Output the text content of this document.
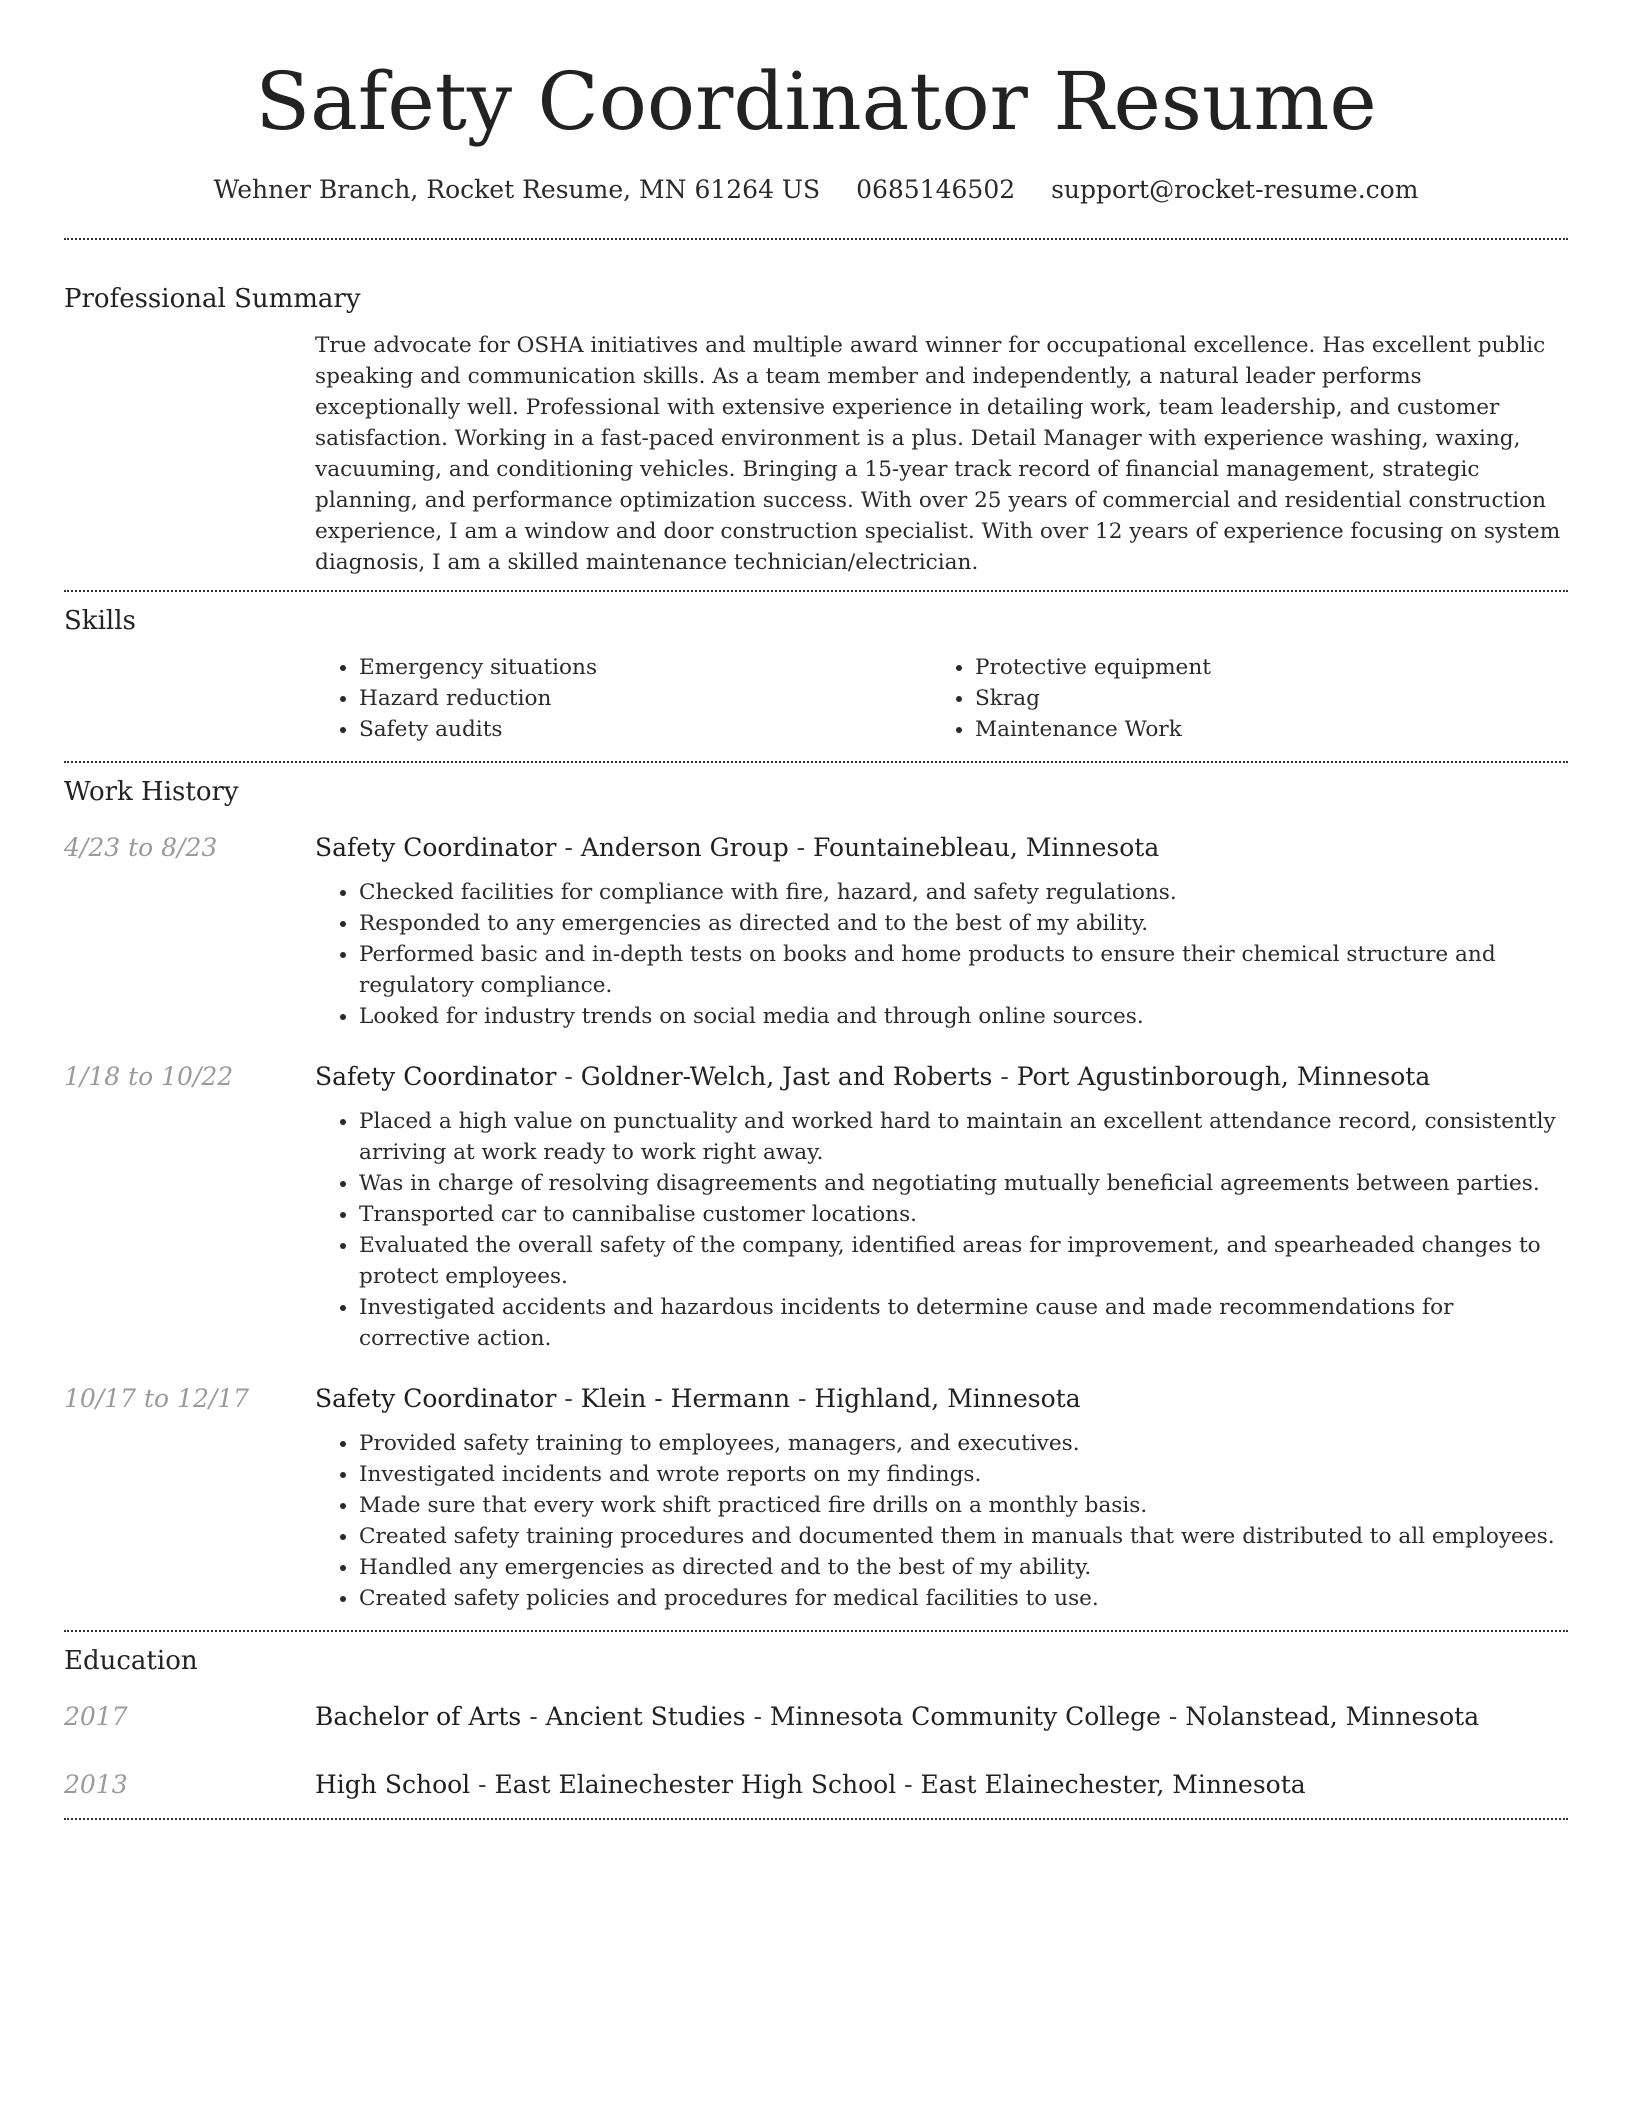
Safety Coordinator Resume
Wehner Branch, Rocket Resume, MN 61264 US 0685146502 support@rocket-resume.com
Professional Summary
True advocate for OSHA initiatives and multiple award winner for occupational excellence. Has excellent public speaking and communication skills. As a team member and independently, a natural leader performs exceptionally well. Professional with extensive experience in detailing work, team leadership, and customer satisfaction. Working in a fast-paced environment is a plus. Detail Manager with experience washing, waxing, vacuuming, and conditioning vehicles. Bringing a 15-year track record of financial management, strategic planning, and performance optimization success. With over 25 years of commercial and residential construction experience, I am a window and door construction specialist. With over 12 years of experience focusing on system diagnosis, I am a skilled maintenance technician/electrician.
Skills
• Emergency situations
• Hazard reduction
• Safety audits
• Protective equipment
• Skrag
• Maintenance Work
Work History
4/23 to 8/23	Safety Coordinator - Anderson Group - Fountainebleau, Minnesota
• Checked facilities for compliance with fire, hazard, and safety regulations.
• Responded to any emergencies as directed and to the best of my ability.
• Performed basic and in-depth tests on books and home products to ensure their chemical structure and regulatory compliance.
• Looked for industry trends on social media and through online sources.
1/18 to 10/22	Safety Coordinator - Goldner-Welch, Jast and Roberts - Port Agustinborough, Minnesota
• Placed a high value on punctuality and worked hard to maintain an excellent attendance record, consistently arriving at work ready to work right away.
• Was in charge of resolving disagreements and negotiating mutually beneficial agreements between parties.
• Transported car to cannibalise customer locations.
• Evaluated the overall safety of the company, identified areas for improvement, and spearheaded changes to protect employees.
• Investigated accidents and hazardous incidents to determine cause and made recommendations for corrective action.
10/17 to 12/17	Safety Coordinator - Klein - Hermann - Highland, Minnesota
• Provided safety training to employees, managers, and executives.
• Investigated incidents and wrote reports on my findings.
• Made sure that every work shift practiced fire drills on a monthly basis.
• Created safety training procedures and documented them in manuals that were distributed to all employees.
• Handled any emergencies as directed and to the best of my ability.
• Created safety policies and procedures for medical facilities to use.
Education
2017	Bachelor of Arts - Ancient Studies - Minnesota Community College - Nolanstead, Minnesota
2013	High School - East Elainechester High School - East Elainechester, Minnesota
